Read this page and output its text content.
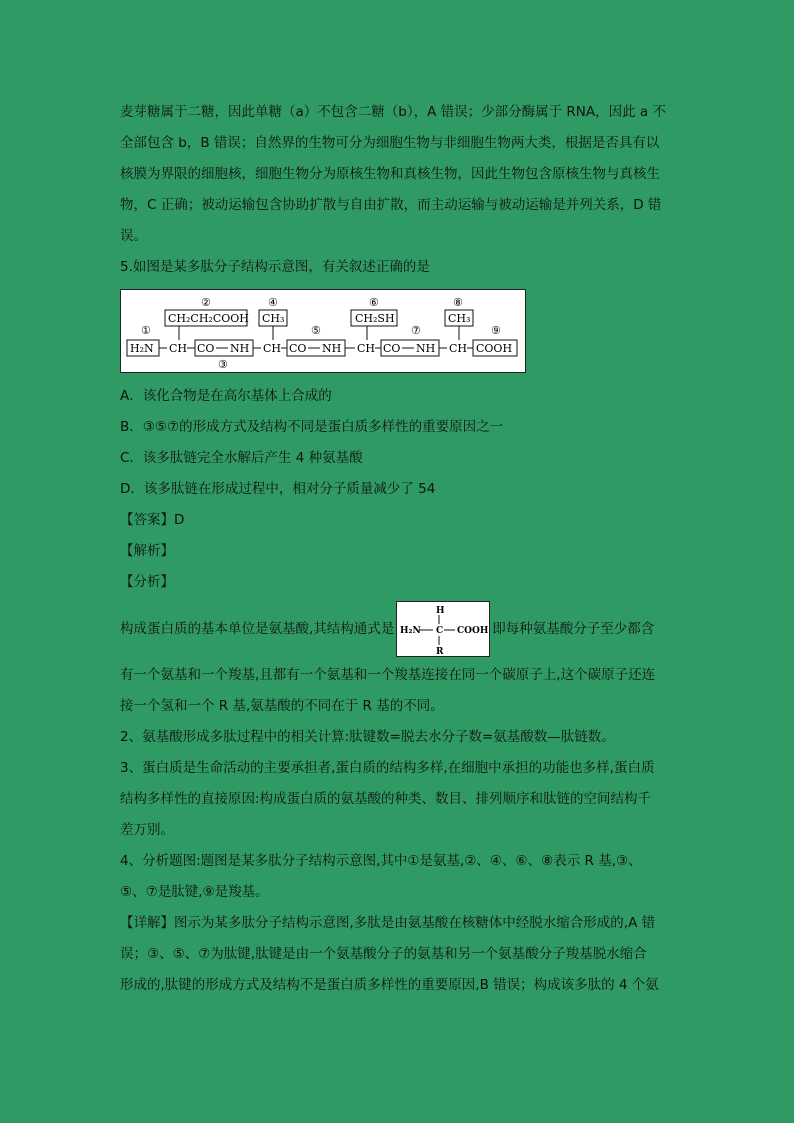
麦芽糖属于二糖，因此单糖（a）不包含二糖（b），A 错误；少部分酶属于 RNA，因此 a 不
全部包含 b，B 错误；自然界的生物可分为细胞生物与非细胞生物两大类，根据是否具有以
核膜为界限的细胞核，细胞生物分为原核生物和真核生物，因此生物包含原核生物与真核生
物，C 正确；被动运输包含协助扩散与自由扩散，而主动运输与被动运输是并列关系，D 错
误。

5.如图是某多肽分子结构示意图，有关叙述正确的是

①
②
③
④
⑤
⑥
⑦
⑧
⑨
CH₂CH₂COOH CH₃	CH₂SH	CH₃
H₂N CH CO NH CH CO NH CH CO NH CH COOH
A．该化合物是在高尔基体上合成的
B．③⑤⑦的形成方式及结构不同是蛋白质多样性的重要原因之一
C．该多肽链完全水解后产生 4 种氨基酸
D．该多肽链在形成过程中，相对分子质量减少了 54
【答案】D
【解析】
【分析】
构成蛋白质的基本单位是氨基酸,其结构通式是
H
H₂N C COOH
R
即每种氨基酸分子至少都含
有一个氨基和一个羧基,且都有一个氨基和一个羧基连接在同一个碳原子上,这个碳原子还连
接一个氢和一个 R 基,氨基酸的不同在于 R 基的不同。
2、氨基酸形成多肽过程中的相关计算:肽键数=脱去水分子数=氨基酸数—肽链数。
3、蛋白质是生命活动的主要承担者,蛋白质的结构多样,在细胞中承担的功能也多样,蛋白质
结构多样性的直接原因:构成蛋白质的氨基酸的种类、数目、排列顺序和肽链的空间结构千
差万别。
4、分析题图:题图是某多肽分子结构示意图,其中①是氨基,②、④、⑥、⑧表示 R 基,③、
⑤、⑦是肽键,⑨是羧基。
【详解】图示为某多肽分子结构示意图,多肽是由氨基酸在核糖体中经脱水缩合形成的,A 错
误；③、⑤、⑦为肽键,肽键是由一个氨基酸分子的氨基和另一个氨基酸分子羧基脱水缩合
形成的,肽键的形成方式及结构不是蛋白质多样性的重要原因,B 错误；构成该多肽的 4 个氨
